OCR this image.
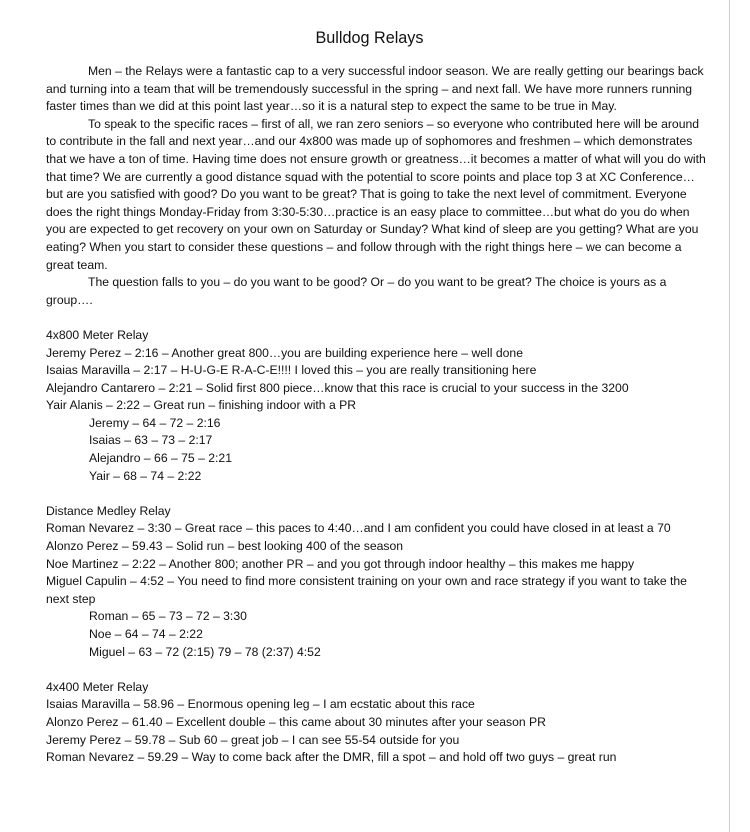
Bulldog Relays

Men – the Relays were a fantastic cap to a very successful indoor season. We are really getting our bearings back and turning into a team that will be tremendously successful in the spring – and next fall. We have more runners running faster times than we did at this point last year…so it is a natural step to expect the same to be true in May.

To speak to the specific races – first of all, we ran zero seniors – so everyone who contributed here will be around to contribute in the fall and next year…and our 4x800 was made up of sophomores and freshmen – which demonstrates that we have a ton of time. Having time does not ensure growth or greatness…it becomes a matter of what will you do with that time? We are currently a good distance squad with the potential to score points and place top 3 at XC Conference…but are you satisfied with good? Do you want to be great? That is going to take the next level of commitment. Everyone does the right things Monday-Friday from 3:30-5:30…practice is an easy place to committee…but what do you do when you are expected to get recovery on your own on Saturday or Sunday? What kind of sleep are you getting? What are you eating? When you start to consider these questions – and follow through with the right things here – we can become a great team.

The question falls to you – do you want to be good? Or – do you want to be great? The choice is yours as a group….

4x800 Meter Relay

Jeremy Perez – 2:16 – Another great 800…you are building experience here – well done

Isaias Maravilla – 2:17 – H-U-G-E R-A-C-E!!!! I loved this – you are really transitioning here

Alejandro Cantarero – 2:21 – Solid first 800 piece…know that this race is crucial to your success in the 3200

Yair Alanis – 2:22 – Great run – finishing indoor with a PR

Jeremy – 64 – 72 – 2:16

Isaias – 63 – 73 – 2:17

Alejandro – 66 – 75 – 2:21

Yair – 68 – 74 – 2:22

Distance Medley Relay

Roman Nevarez – 3:30 – Great race – this paces to 4:40…and I am confident you could have closed in at least a 70

Alonzo Perez – 59.43 – Solid run – best looking 400 of the season

Noe Martinez – 2:22 – Another 800; another PR – and you got through indoor healthy – this makes me happy

Miguel Capulin – 4:52 – You need to find more consistent training on your own and race strategy if you want to take the next step

Roman – 65 – 73 – 72 – 3:30

Noe – 64 – 74 – 2:22

Miguel – 63 – 72 (2:15) 79 – 78 (2:37) 4:52

4x400 Meter Relay

Isaias Maravilla – 58.96 – Enormous opening leg – I am ecstatic about this race

Alonzo Perez – 61.40 – Excellent double – this came about 30 minutes after your season PR

Jeremy Perez – 59.78 – Sub 60 – great job – I can see 55-54 outside for you

Roman Nevarez – 59.29 – Way to come back after the DMR, fill a spot – and hold off two guys – great run
